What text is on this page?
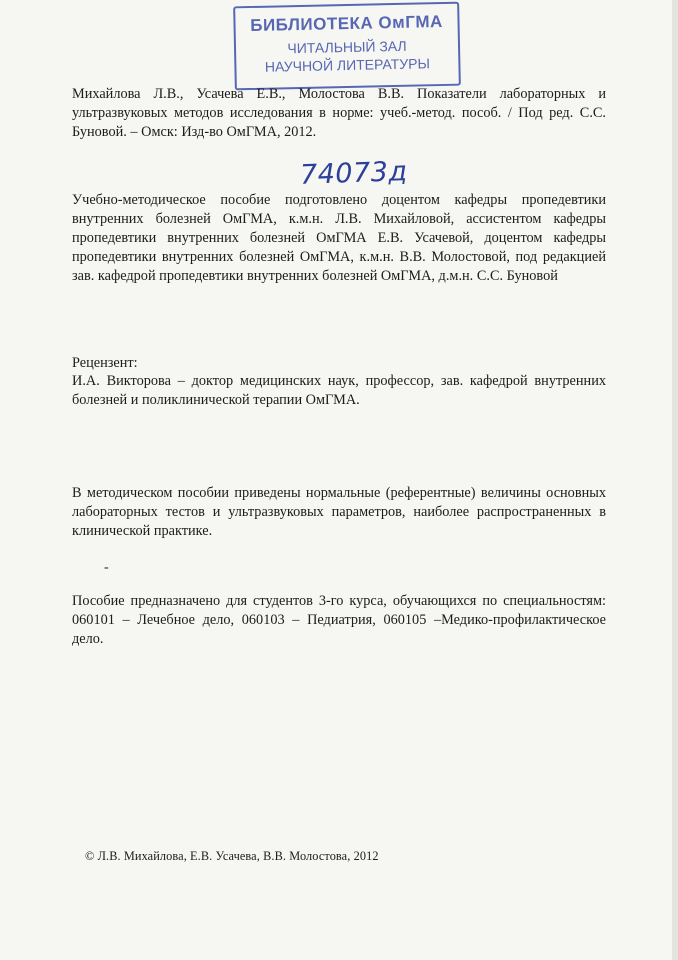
БИБЛИОТЕКА ОмГМА
ЧИТАЛЬНЫЙ ЗАЛ
НАУЧНОЙ ЛИТЕРАТУРЫ

Михайлова Л.В., Усачева Е.В., Молостова В.В. Показатели лабораторных и ультразвуковых методов исследования в норме: учеб.-метод. пособ. / Под ред. С.С. Буновой. – Омск: Изд-во ОмГМА, 2012.

74073д

Учебно-методическое пособие подготовлено доцентом кафедры пропедевтики внутренних болезней ОмГМА, к.м.н. Л.В. Михайловой, ассистентом кафедры пропедевтики внутренних болезней ОмГМА Е.В. Усачевой, доцентом кафедры пропедевтики внутренних болезней ОмГМА, к.м.н. В.В. Молостовой, под редакцией зав. кафедрой пропедевтики внутренних болезней ОмГМА, д.м.н. С.С. Буновой

Рецензент:

И.А. Викторова – доктор медицинских наук, профессор, зав. кафедрой внутренних болезней и поликлинической терапии ОмГМА.

В методическом пособии приведены нормальные (референтные) величины основных лабораторных тестов и ультразвуковых параметров, наиболее распространенных в клинической практике.

-

Пособие предназначено для студентов 3-го курса, обучающихся по специальностям: 060101 – Лечебное дело, 060103 – Педиатрия, 060105 –Медико-профилактическое дело.

© Л.В. Михайлова, Е.В. Усачева, В.В. Молостова, 2012
